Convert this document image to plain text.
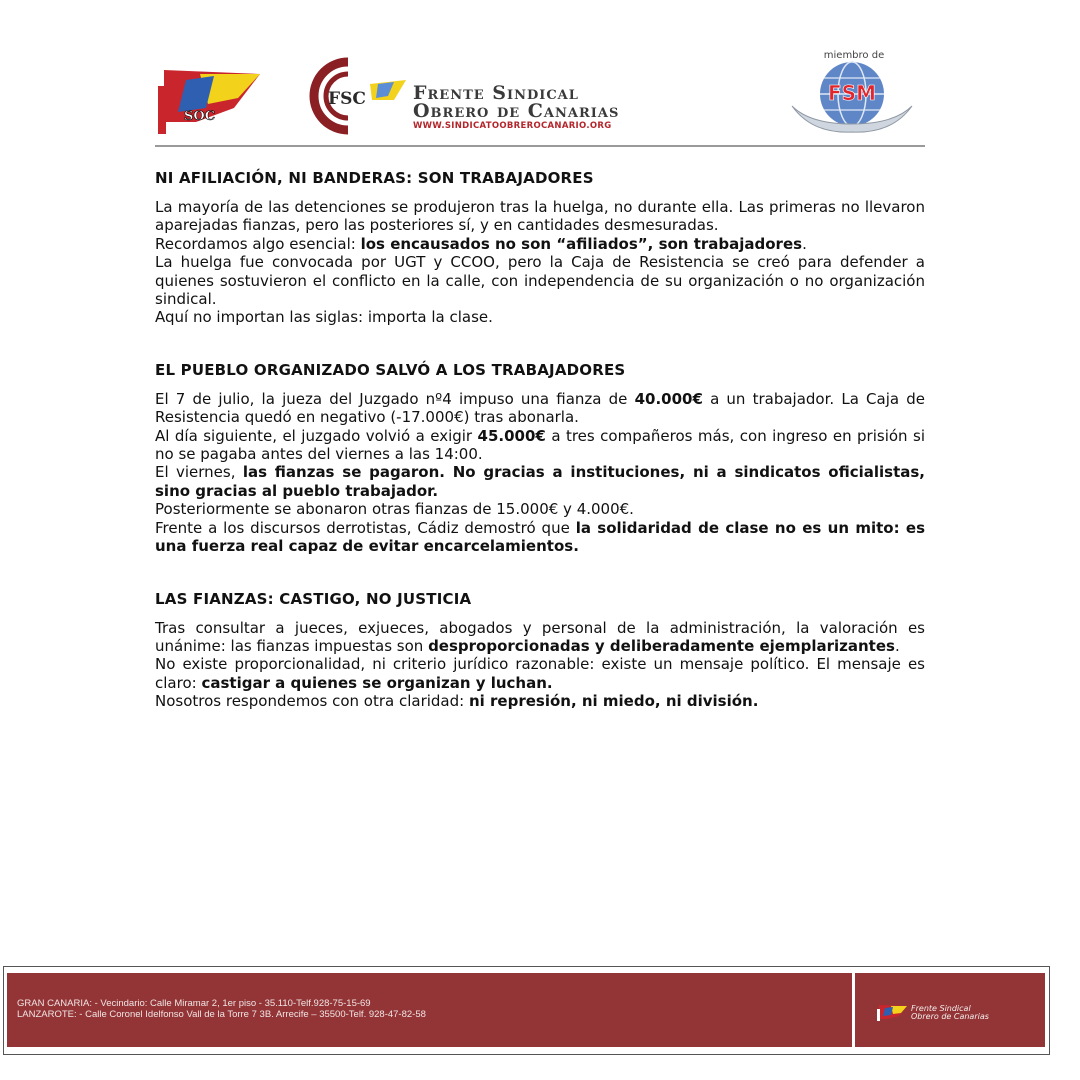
SOC
FSC Frente Sindical
Obrero de Canarias
WWW.SINDICATOOBREROCANARIO.ORG
miembro de
FSM
NI AFILIACIÓN, NI BANDERAS: SON TRABAJADORES

La mayoría de las detenciones se produjeron tras la huelga, no durante ella. Las primeras no llevaron aparejadas fianzas, pero las posteriores sí, y en cantidades desmesuradas.

Recordamos algo esencial: los encausados no son “afiliados”, son trabajadores.

La huelga fue convocada por UGT y CCOO, pero la Caja de Resistencia se creó para defender a quienes sostuvieron el conflicto en la calle, con independencia de su organización o no organización sindical.

Aquí no importan las siglas: importa la clase.

EL PUEBLO ORGANIZADO SALVÓ A LOS TRABAJADORES

El 7 de julio, la jueza del Juzgado nº4 impuso una fianza de 40.000€ a un trabajador. La Caja de Resistencia quedó en negativo (-17.000€) tras abonarla.

Al día siguiente, el juzgado volvió a exigir 45.000€ a tres compañeros más, con ingreso en prisión si no se pagaba antes del viernes a las 14:00.

El viernes, las fianzas se pagaron. No gracias a instituciones, ni a sindicatos oficialistas, sino gracias al pueblo trabajador.

Posteriormente se abonaron otras fianzas de 15.000€ y 4.000€.

Frente a los discursos derrotistas, Cádiz demostró que la solidaridad de clase no es un mito: es una fuerza real capaz de evitar encarcelamientos.

LAS FIANZAS: CASTIGO, NO JUSTICIA

Tras consultar a jueces, exjueces, abogados y personal de la administración, la valoración es unánime: las fianzas impuestas son desproporcionadas y deliberadamente ejemplarizantes.

No existe proporcionalidad, ni criterio jurídico razonable: existe un mensaje político. El mensaje es claro: castigar a quienes se organizan y luchan.

Nosotros respondemos con otra claridad: ni represión, ni miedo, ni división.

GRAN CANARIA: - Vecindario: Calle Miramar 2, 1er piso - 35.110-Telf.928-75-15-69
LANZAROTE: - Calle Coronel Idelfonso Vall de la Torre 7 3B. Arrecife – 35500-Telf. 928-47-82-58
Frente Sindical
Obrero de Canarias
